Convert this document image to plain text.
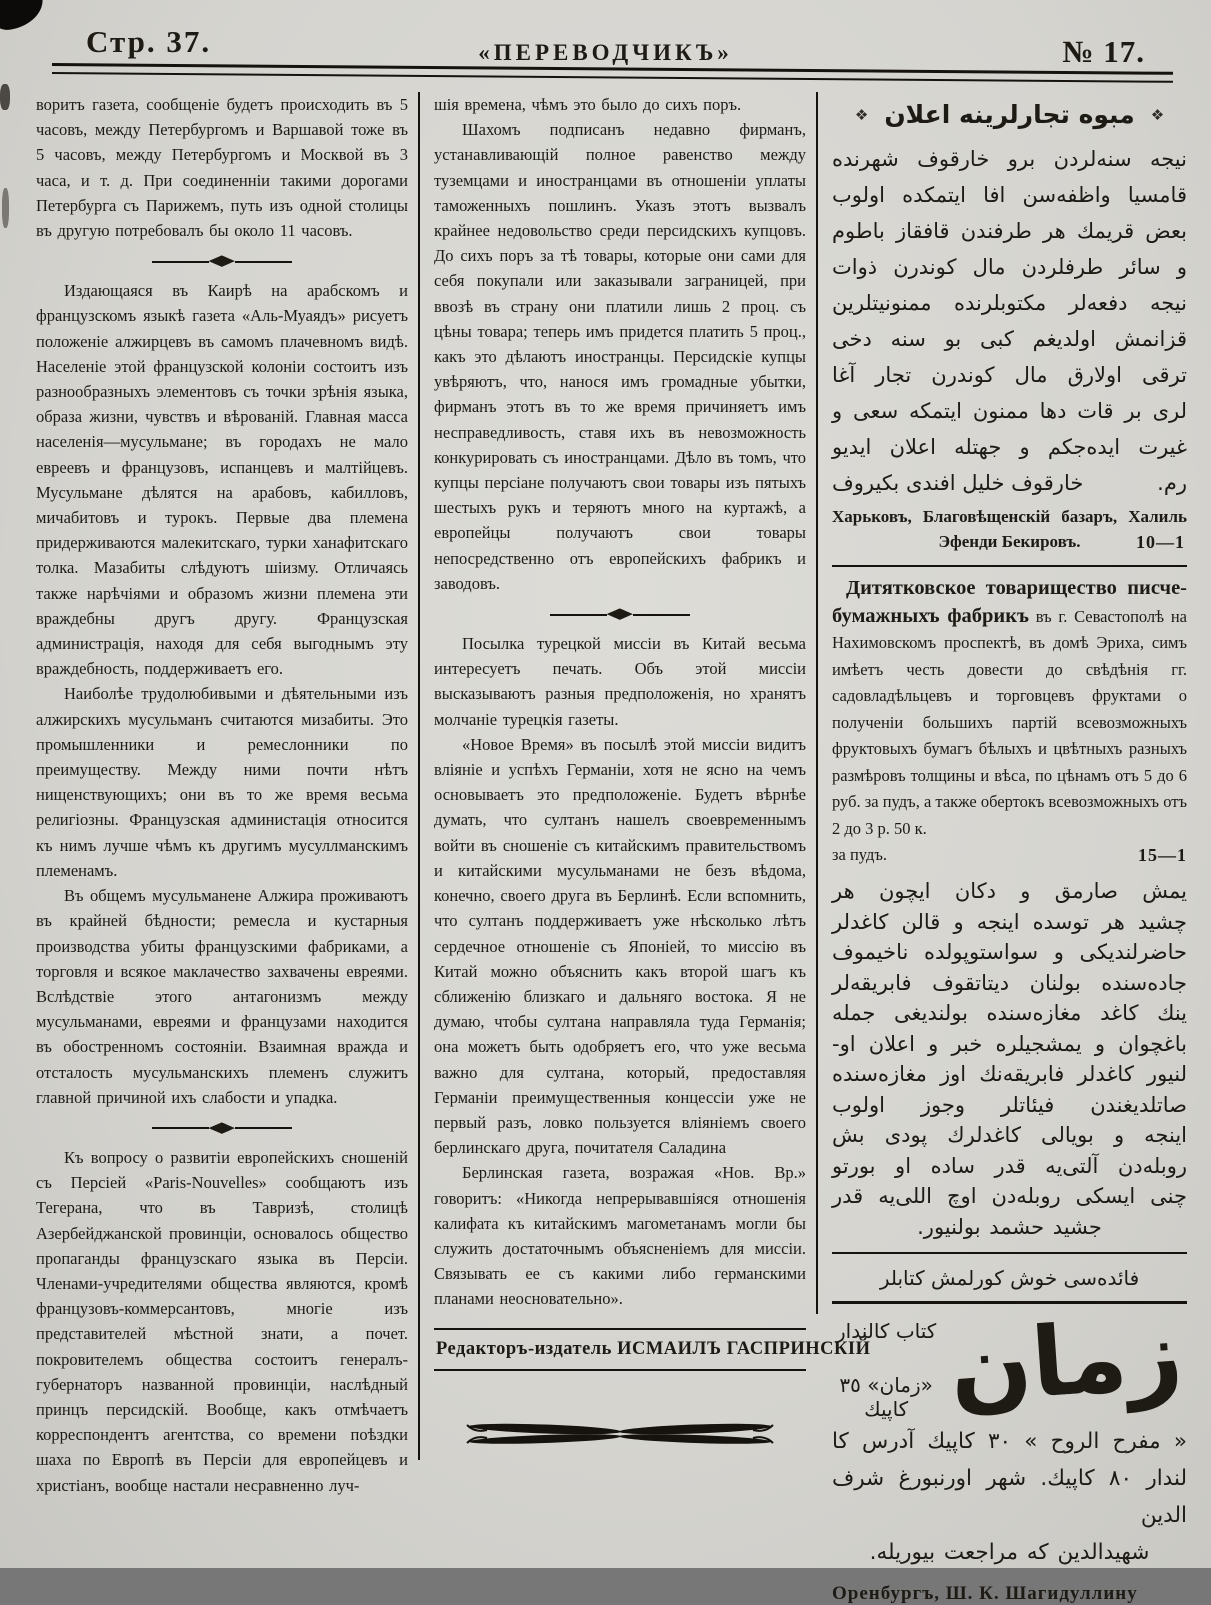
Стр. 37.	«ПЕРЕВОДЧИКЪ»	№ 17.

воритъ газета, сообщеніе будетъ происходить въ 5 часовъ, между Петербургомъ и Варшавой тоже въ 5 часовъ, между Петербургомъ и Москвой въ 3 часа, и т. д. При соединенніи такими дорогами Петербурга съ Парижемъ, путь изъ одной столицы въ другую потребовалъ бы около 11 часовъ.

◆

Издающаяся въ Каирѣ на арабскомъ и французскомъ языкѣ газета «Аль-Муаядъ» рисуетъ положеніе алжирцевъ въ самомъ плачевномъ видѣ. Населеніе этой французской колоніи состоитъ изъ разнообразныхъ элементовъ съ точки зрѣнія языка, образа жизни, чувствъ и вѣрованій. Главная масса населенія—мусульмане; въ городахъ не мало евреевъ и французовъ, испанцевъ и малтійцевъ. Мусульмане дѣлятся на арабовъ, кабилловъ, мичабитовъ и турокъ. Первые два племена придерживаются малекитскаго, турки ханафитскаго толка. Мазабиты слѣдуютъ шіизму. Отличаясь также нарѣчіями и образомъ жизни племена эти враждебны другъ другу. Французская администрація, находя для себя выгоднымъ эту враждебность, поддерживаетъ его.

Наиболѣе трудолюбивыми и дѣятельными изъ алжирскихъ мусульманъ считаются мизабиты. Это промышленники и ремеслонники по преимуществу. Между ними почти нѣтъ нищенствующихъ; они въ то же время весьма религіозны. Французская администація относится къ нимъ лучше чѣмъ къ другимъ мусуллманскимъ племенамъ.

Въ общемъ мусульманене Алжира проживаютъ въ крайней бѣдности; ремесла и кустарныя производства убиты французскими фабриками, а торговля и всякое маклачество захвачены евреями. Вслѣдствіе этого антагонизмъ между мусульманами, евреями и французами находится въ обостренномъ состояніи. Взаимная вражда и отсталость мусульманскихъ племенъ служитъ главной причиной ихъ слабости и упадка.

◆

Къ вопросу о развитіи европейскихъ сношеній съ Персіей «Paris-Nouvelles» сообщаютъ изъ Тегерана, что въ Тавризѣ, столицѣ Азербейджанской провинціи, основалось общество пропаганды французскаго языка въ Персіи. Членами-учредителями общества являются, кромѣ французовъ-коммерсантовъ, многіе изъ представителей мѣстной знати, а почет. покровителемъ общества состоитъ генералъ-губернаторъ названной провинціи, наслѣдный принцъ персидскій. Вообще, какъ отмѣчаетъ корреспондентъ агентства, со времени поѣздки шаха по Европѣ въ Персіи для европейцевъ и христіанъ, вообще настали несравненно луч-

шія времена, чѣмъ это было до сихъ поръ.

Шахомъ подписанъ недавно фирманъ, устанавливающій полное равенство между туземцами и иностранцами въ отношеніи уплаты таможенныхъ пошлинъ. Указъ этотъ вызвалъ крайнее недовольство среди персидскихъ купцовъ. До сихъ поръ за тѣ товары, которые они сами для себя покупали или заказывали заграницей, при ввозѣ въ страну они платили лишь 2 проц. съ цѣны товара; теперь имъ придется платить 5 проц., какъ это дѣлаютъ иностранцы. Персидскіе купцы увѣряютъ, что, нанося имъ громадные убытки, фирманъ этотъ въ то же время причиняетъ имъ несправедливость, ставя ихъ въ невозможность конкурировать съ иностранцами. Дѣло въ томъ, что купцы персіане получаютъ свои товары изъ пятыхъ шестыхъ рукъ и теряютъ много на куртажѣ, а европейцы получаютъ свои товары непосредственно отъ европейскихъ фабрикъ и заводовъ.

◆

Посылка турецкой миссіи въ Китай весьма интересуетъ печать. Объ этой миссіи высказываютъ разныя предположенія, но хранятъ молчаніе турецкія газеты.

«Новое Время» въ посылѣ этой миссіи видитъ вліяніе и успѣхъ Германіи, хотя не ясно на чемъ основываетъ это предположеніе. Будетъ вѣрнѣе думать, что султанъ нашелъ своевременнымъ войти въ сношеніе съ китайскимъ правительствомъ и китайскими мусульманами не безъ вѣдома, конечно, своего друга въ Берлинѣ. Если вспомнить, что султанъ поддерживаетъ уже нѣсколько лѣтъ сердечное отношеніе съ Японіей, то миссію въ Китай можно объяснить какъ второй шагъ къ сближенію близкаго и дальняго востока. Я не думаю, чтобы султана направляла туда Германія; она можетъ быть одобряетъ его, что уже весьма важно для султана, который, предоставляя Германіи преимущественныя концессіи уже не первый разъ, ловко пользуется вліяніемъ своего берлинскаго друга, почитателя Саладина

Берлинская газета, возражая «Нов. Вр.» говоритъ: «Никогда непрерывавшіяся отношенія калифата къ китайскимъ магометанамъ могли бы служить достаточнымъ объясненіемъ для миссіи. Связывать ее съ какими либо германскими планами неосновательно».

Редакторъ-издатель ИСМАИЛЪ ГАСПРИНСКІЙ
❖
مبوه تجارلرينه اعلان
❖
نيجه سنه‌لردن برو خارقوف شهرنده
قامسيا واظفه‌سن افا ايتمكده اولوب
بعض قريمك هر طرفندن قافقاز باطوم
و سائر طرفلردن مال كوندرن ذوات
نيجه دفعه‌لر مكتوبلرنده ممنونيتلرين
قزانمش اولديغم كبى بو سنه دخى
ترقى اولارق مال كوندرن تجار آغا
لرى بر قات دها ممنون ايتمكه سعى و
غيرت ايده‌جكم و جهتله اعلان ايديو
رم.
خارقوف خليل افندى بكيروف
Харьковъ, Благовѣщенскій базаръ, Халиль
Эфенди Бекировъ.	10—1

Дитятковское товарищество писче-бумажныхъ фабрикъ въ г. Севастополѣ на Нахимовскомъ проспектѣ, въ домѣ Эриха, симъ имѣетъ честь довести до свѣдѣнія гг. садовладѣльцевъ и торговцевъ фруктами о полученіи большихъ партій всевозможныхъ фруктовыхъ бумагъ бѣлыхъ и цвѣтныхъ разныхъ размѣровъ толщины и вѣса, по цѣнамъ отъ 5 до 6 руб. за пудъ, а также обертокъ всевозможныхъ отъ 2 до 3 р. 50 к.

за пудъ.	15—1
يمش صارمق و دكان ايچون هر
چشيد هر توسده اينجه و قالن كاغدلر
حاضرلنديكى و سواستوپولده ناخيموف
جاده‌سنده بولنان ديتاتقوف فابريقه‌لر
ينك كاغد مغازه‌سنده بولنديغى جمله
باغچوان و يمشجيلره خبر و اعلان او-
لنيور كاغدلر فابريقه‌نك اوز مغازه‌سنده
صاتلديغندن فيئاتلر وجوز اولوب
اينجه و بويالى كاغدلرك پودى بش
روبله‌دن آلتى‌يه قدر ساده او بورتو
چنى ايسكى روبله‌دن اوچ اللى‌يه قدر
جشيد حشمد بولنيور.
فائده‌سى خوش كورلمش كتابلر
زمان
كتاب كالندار
«زمان» ٣٥ كاپيك
« مفرح الروح » ٣٠ كاپيك آدرس كا
لندار ٨٠ كاپيك. شهر اورنبورغ شرف الدين
شهيدالدين كه مراجعت بيوريله.
Оренбургъ, Ш. К. Шагидуллину
